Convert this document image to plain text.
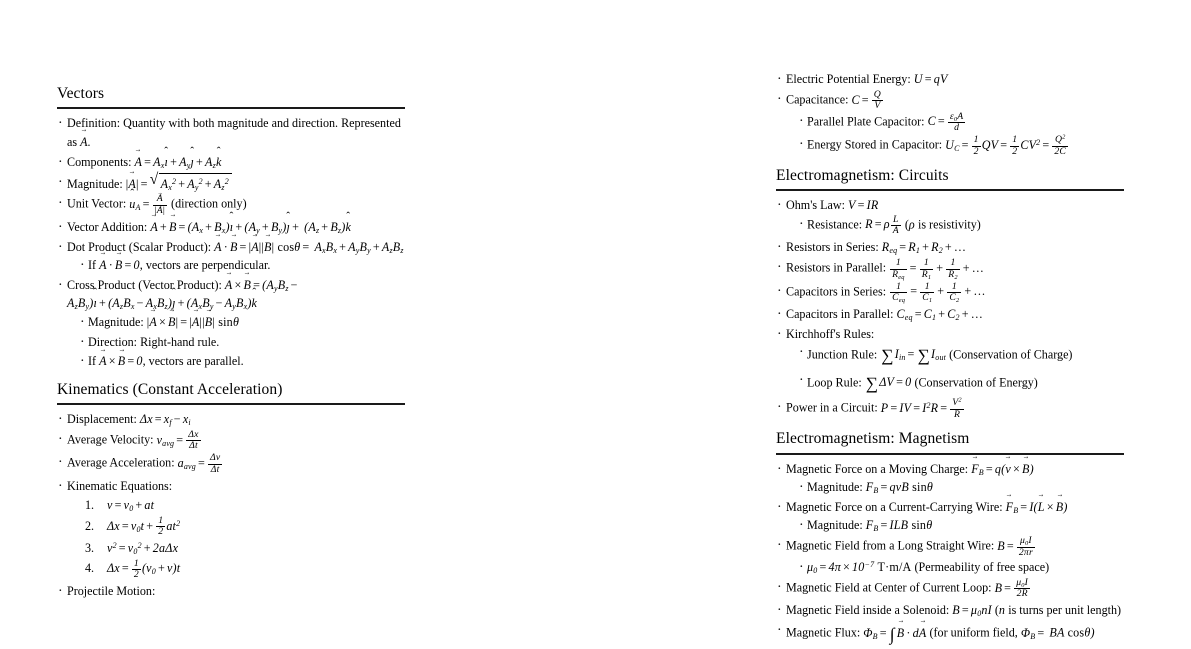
Vectors
· Definition: Quantity with both magnitude and direction. Represented as A →.
· Components: A → = $A_xı$ ˆ + $A_yȷ$ ˆ + $A_zk$ ˆ
· Magnitude: |A →| = √ $A_x^2 + A_y^2 + A_z^2$
· Unit Vector: u ˆ$_A$ = $\frac{A \to}{|A \to|}$ (direction only)
· Vector Addition: A → + B → = ($A_x$ + $B_x)ı$ ˆ + ($A_y$ + $B_y)ȷ$ ˆ + $(A_z + B_z)k$ ˆ
· Dot Product (Scalar Product): A → · B → = |A →||B →| $\cos\theta = A_xB_x + A_yB_y + A_zB_z$
· If A → · B → = 0, vectors are perpendicular.
· Cross Product (Vector Product): A → × B → = ($A_yB_z$ − $A_zB_y)ı$ ˆ + ($A_zB_x$ − $A_xB_z)ȷ$ ˆ + $(A_xB_y - A_yB_x)k$ ˆ
· Magnitude: |A → × B →| = |A →||B →| sinθ
· Direction: Right-hand rule.
· If A → × B → = 0, vectors are parallel.
Kinematics (Constant Acceleration)
· Displacement: $\Delta x = x_f - x_i$
· Average Velocity: $v_{avg} = \frac{\Delta x}{\Delta t}$
· Average Acceleration: $a_{avg} = \frac{\Delta v}{\Delta t}$
· Kinematic Equations:
$v = v_0$ + at
$\Delta x = v_0t + \frac{1}{2} at^2$
$v^2 = v_0^2 + 2a\Delta x$
$\Delta x = \frac{1}{2} (v_0 + v)t$
· Projectile Motion:
· Electric Potential Energy: U = qV
· Capacitance: $C = \frac{Q}{V}$
· Parallel Plate Capacitor: $C = \frac{\varepsilon_0A}{d}$
· Energy Stored in Capacitor: $U_C = \frac{1}{2}$ QV = $\frac{1}{2} CV^2 = \frac{Q^2}{2C}$
Electromagnetism: Circuits
· Ohm's Law: V = IR
· Resistance: R = ρ $\frac{L}{A} (\rho$ is resistivity)
· Resistors in Series: $R_{eq} = R_1 + R_2$ + …
· Resistors in Parallel: $\frac{1}{R_{eq}} = \frac{1}{R_1} + \frac{1}{R_2}$ + …
· Capacitors in Series: $\frac{1}{C_{eq}} = \frac{1}{C_1} + \frac{1}{C_2}$ + …
· Capacitors in Parallel: $C_{eq} = C_1 + C_2$ + …
· Kirchhoff's Rules:
· Junction Rule: $\sum I_{in} = \sum I_{out}$ (Conservation of Charge)
· Loop Rule: ∑ΔV = 0 (Conservation of Energy)
· Power in a Circuit: P = IV = $I^2R = \frac{V^2}{R}$
Electromagnetism: Magnetism
· Magnetic Force on a Moving Charge: $F \to_B = q(v$ → × B →)
· Magnitude: $F_B$ = qvB sinθ
· Magnetic Force on a Current-Carrying Wire: $F \to_B = I(L$ → × B →)
· Magnitude: $F_B$ = ILB sinθ
· Magnetic Field from a Long Straight Wire: $B = \frac{\mu_0I}{2\pi r}$
· $\mu_0 = 4\pi \times 10^{-7}$ T·m/A (Permeability of free space)
· Magnetic Field at Center of Current Loop: $B = \frac{\mu_0I}{2R}$
· Magnetic Field inside a Solenoid: $B = \mu_0nI$ (n is turns per unit length)
· Magnetic Flux: $\Phi_B$ = ∫ B → · dA → (for uniform field, $\Phi_B$ = BA cosθ)
